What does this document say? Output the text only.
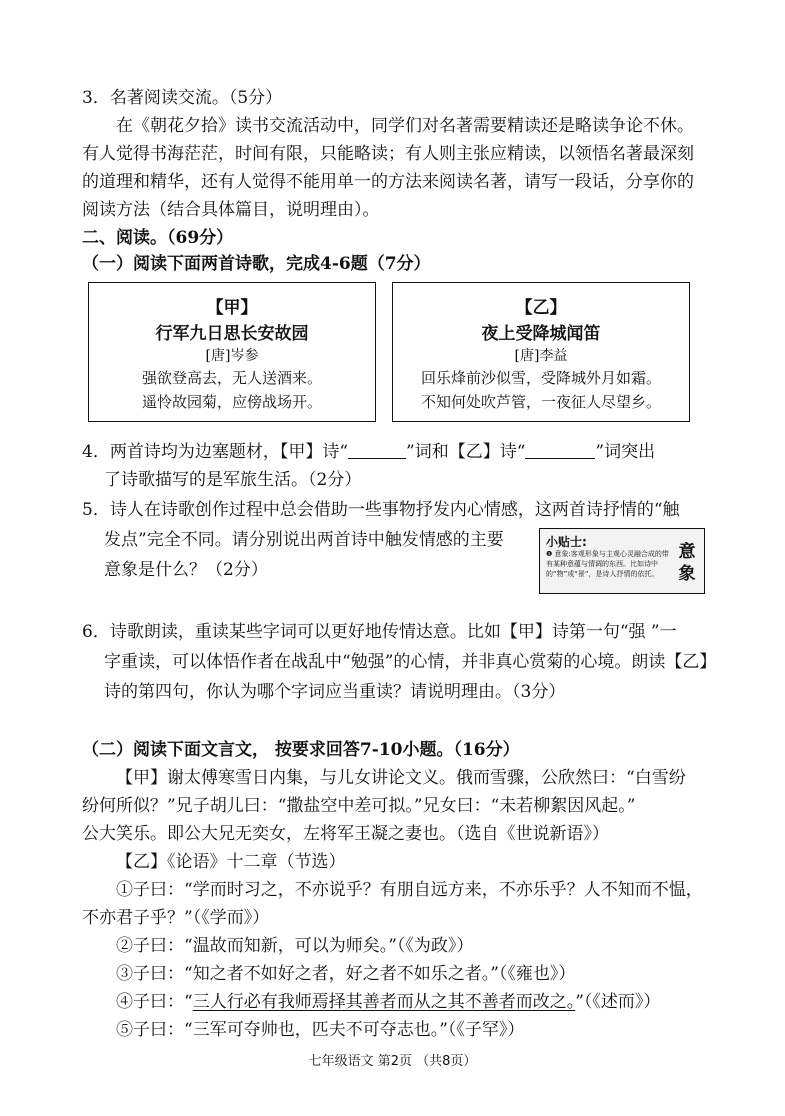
3．名著阅读交流。（5分）
在《朝花夕拾》读书交流活动中，同学们对名著需要精读还是略读争论不休。
有人觉得书海茫茫，时间有限，只能略读；有人则主张应精读，以领悟名著最深刻
的道理和精华，还有人觉得不能用单一的方法来阅读名著，请写一段话，分享你的
阅读方法（结合具体篇目，说明理由）。
二、阅读。（69分）
（一）阅读下面两首诗歌，完成4-6题（7分）
【甲】
行军九日思长安故园
[唐]岑参
强欲登高去，无人送酒来。
遥怜故园菊，应傍战场开。
【乙】
夜上受降城闻笛
[唐]李益
回乐烽前沙似雪，受降城外月如霜。
不知何处吹芦管，一夜征人尽望乡。
4．两首诗均为边塞题材，【甲】诗“	”词和【乙】诗“	”词突出
了诗歌描写的是军旅生活。（2分）
5．诗人在诗歌创作过程中总会借助一些事物抒发内心情感，这两首诗抒情的“触
发点”完全不同。请分别说出两首诗中触发情感的主要
意象是什么？（2分）
小贴士:
❶ 意象:客观形象与主观心灵融合成的带有某种意蕴与情调的东西。比如诗中的“物”或“景”，是诗人抒情的依托。
意
象
6．诗歌朗读，重读某些字词可以更好地传情达意。比如【甲】诗第一句“强 ”一
字重读，可以体悟作者在战乱中“勉强”的心情，并非真心赏菊的心境。朗读【乙】
诗的第四句，你认为哪个字词应当重读？请说明理由。（3分）
（二）阅读下面文言文， 按要求回答7-10小题。（16分）
【甲】谢太傅寒雪日内集，与儿女讲论文义。俄而雪骤，公欣然曰：“白雪纷
纷何所似？”兄子胡儿曰：“撒盐空中差可拟。”兄女曰：“未若柳絮因风起。”
公大笑乐。即公大兄无奕女，左将军王凝之妻也。（选自《世说新语》）
【乙】《论语》十二章（节选）
①子曰：“学而时习之，不亦说乎？有朋自远方来，不亦乐乎？人不知而不愠，
不亦君子乎？”（《学而》）
②子曰：“温故而知新，可以为师矣。”（《为政》）
③子曰：“知之者不如好之者，好之者不如乐之者。”（《雍也》）
④子曰：“三人行必有我师焉择其善者而从之其不善者而改之。”（《述而》）
⑤子曰：“三军可夺帅也，匹夫不可夺志也。”（《子罕》）
七年级语文 第2页 （共8页）
